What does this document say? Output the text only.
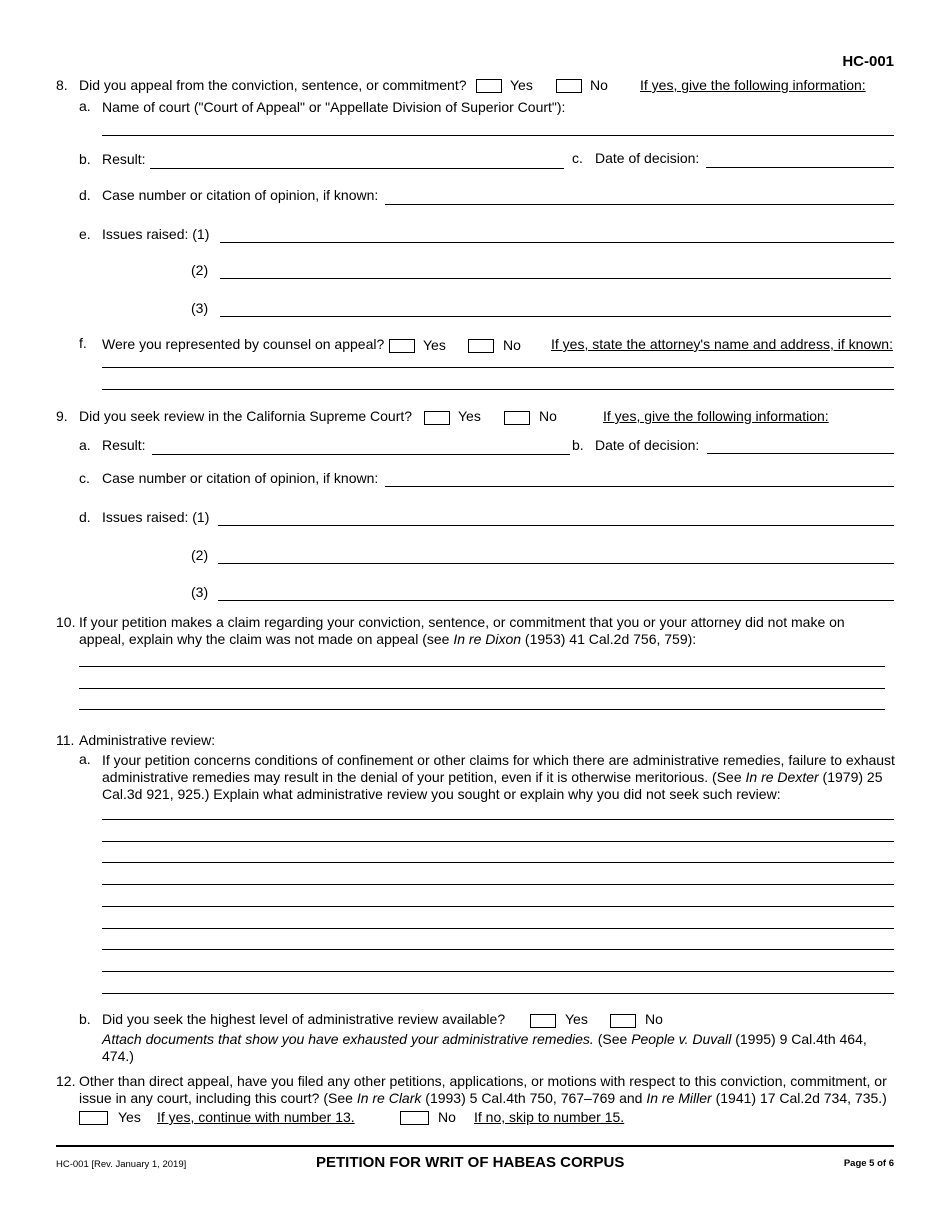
HC-001
8. Did you appeal from the conviction, sentence, or commitment?	Yes	No If yes, give the following information:
a. Name of court ("Court of Appeal" or "Appellate Division of Superior Court"):
b. Result:	c. Date of decision:
d. Case number or citation of opinion, if known:
e. Issues raised: (1)
(2)
(3)
f. Were you represented by counsel on appeal?	Yes	No If yes, state the attorney's name and address, if known:
9. Did you seek review in the California Supreme Court?	Yes	No	If yes, give the following information:
a. Result:	b. Date of decision:
c. Case number or citation of opinion, if known:
d. Issues raised: (1)
(2)
(3)
10. If your petition makes a claim regarding your conviction, sentence, or commitment that you or your attorney did not make on
appeal, explain why the claim was not made on appeal (see In re Dixon (1953) 41 Cal.2d 756, 759):
11. Administrative review:
a. If your petition concerns conditions of confinement or other claims for which there are administrative remedies, failure to exhaust
administrative remedies may result in the denial of your petition, even if it is otherwise meritorious. (See In re Dexter (1979) 25
Cal.3d 921, 925.) Explain what administrative review you sought or explain why you did not seek such review:
b. Did you seek the highest level of administrative review available?	Yes	No
Attach documents that show you have exhausted your administrative remedies. (See People v. Duvall (1995) 9 Cal.4th 464,
474.)
12. Other than direct appeal, have you filed any other petitions, applications, or motions with respect to this conviction, commitment, or
issue in any court, including this court? (See In re Clark (1993) 5 Cal.4th 750, 767–769 and In re Miller (1941) 17 Cal.2d 734, 735.)
Yes If yes, continue with number 13.	No If no, skip to number 15.
HC-001 [Rev. January 1, 2019]	PETITION FOR WRIT OF HABEAS CORPUS	Page 5 of 6
